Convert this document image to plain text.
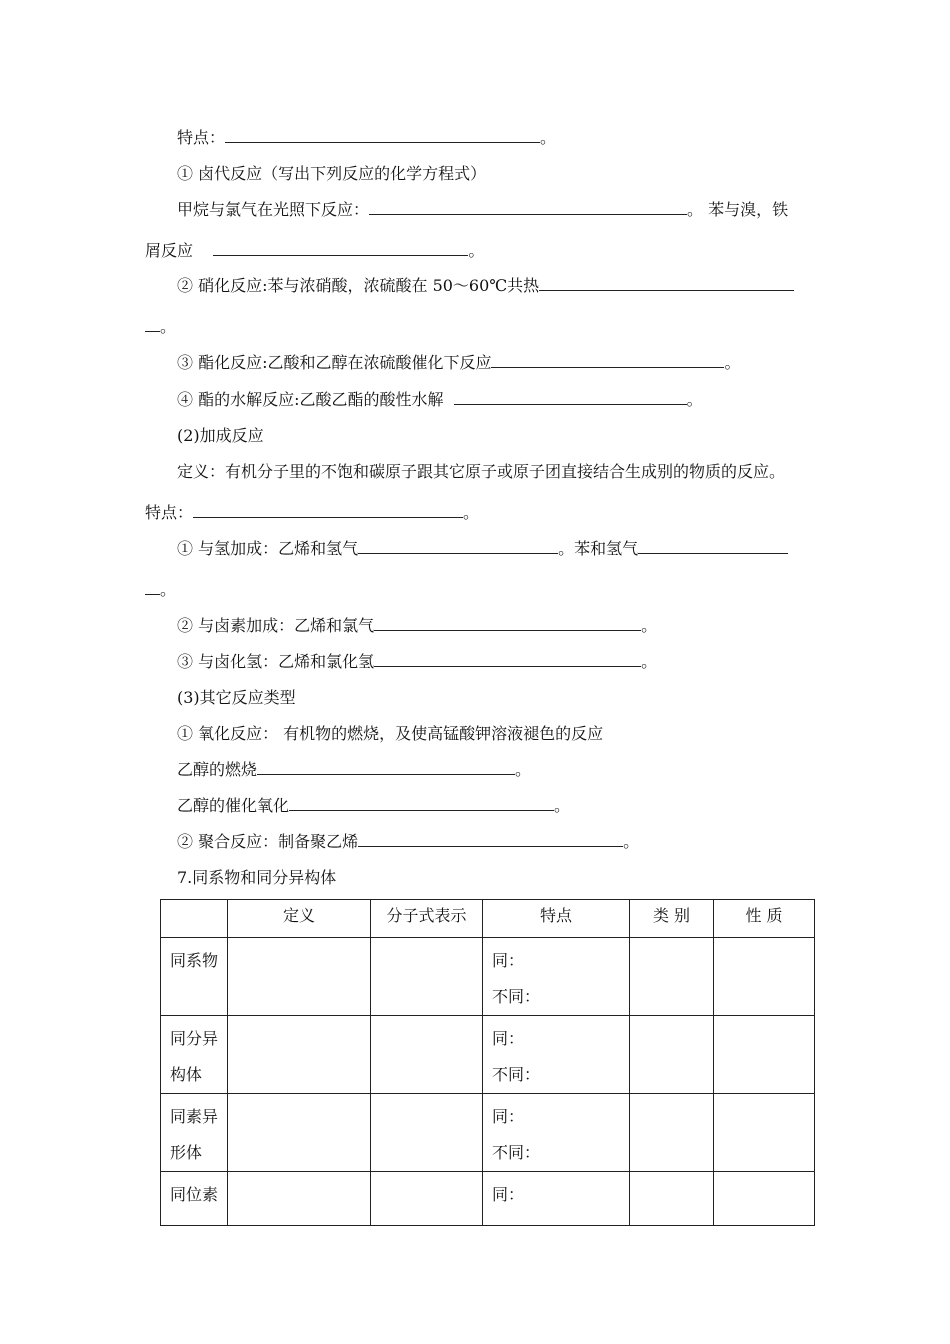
特点：	。
① 卤代反应（写出下列反应的化学方程式）
甲烷与氯气在光照下反应：	。 苯与溴，铁
屑反应	。
② 硝化反应:苯与浓硝酸，浓硫酸在 50～60℃共热
。
③ 酯化反应:乙酸和乙醇在浓硫酸催化下反应	。
④ 酯的水解反应:乙酸乙酯的酸性水解	。
(2)加成反应
定义：有机分子里的不饱和碳原子跟其它原子或原子团直接结合生成别的物质的反应。
特点：	。
① 与氢加成：乙烯和氢气	。苯和氢气
。
② 与卤素加成：乙烯和氯气	。
③ 与卤化氢：乙烯和氯化氢	。
(3)其它反应类型
① 氧化反应： 有机物的燃烧，及使高锰酸钾溶液褪色的反应
乙醇的燃烧	。
乙醇的催化氧化	。
② 聚合反应：制备聚乙烯	。
7.同系物和同分异构体
	定义	分子式表示	特点	类 别	性 质

同系物			同：
不同：		

同分异
构体			同：
不同：		

同素异
形体			同：
不同：		

同位素			同：		
